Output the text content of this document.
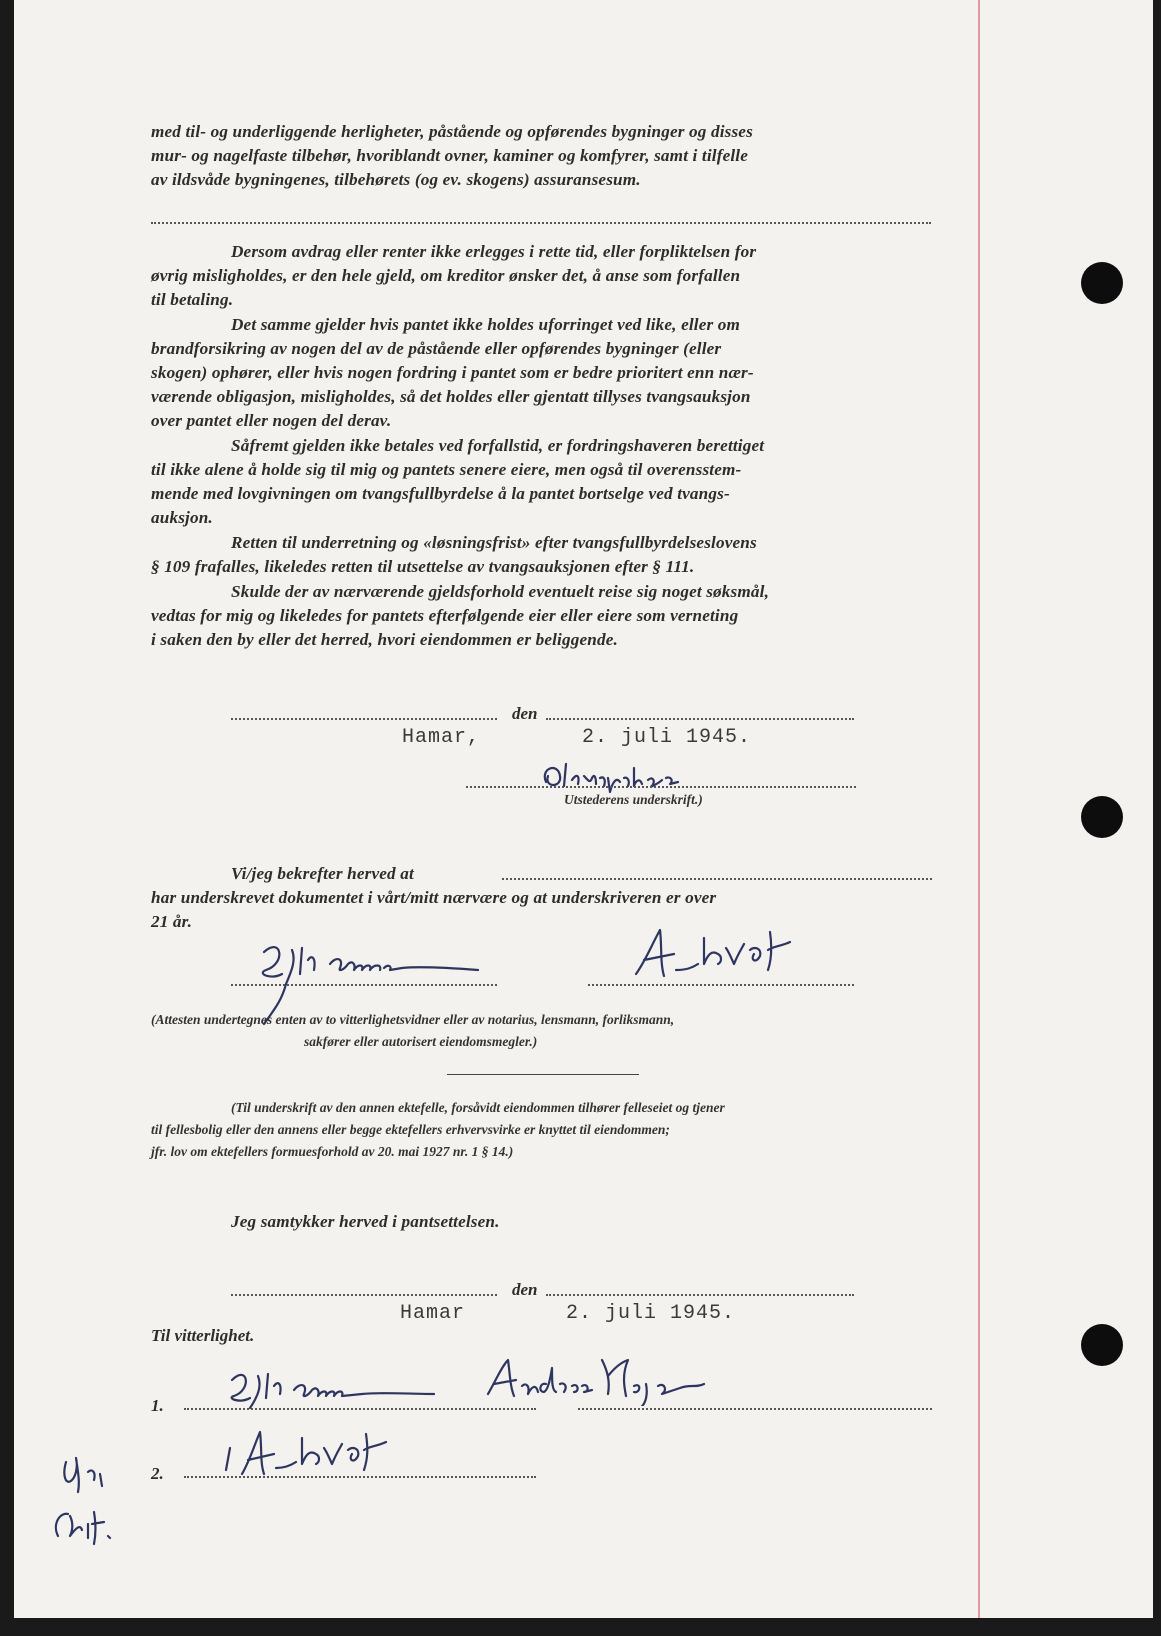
med til- og underliggende herligheter, påstående og opførendes bygninger og disses
mur- og nagelfaste tilbehør, hvoriblandt ovner, kaminer og komfyrer, samt i tilfelle
av ildsvåde bygningenes, tilbehørets (og ev. skogens) assuransesum.
Dersom avdrag eller renter ikke erlegges i rette tid, eller forpliktelsen for
øvrig misligholdes, er den hele gjeld, om kreditor ønsker det, å anse som forfallen
til betaling.
Det samme gjelder hvis pantet ikke holdes uforringet ved like, eller om
brandforsikring av nogen del av de påstående eller opførendes bygninger (eller
skogen) ophører, eller hvis nogen fordring i pantet som er bedre prioritert enn nær-
værende obligasjon, misligholdes, så det holdes eller gjentatt tillyses tvangsauksjon
over pantet eller nogen del derav.
Såfremt gjelden ikke betales ved forfallstid, er fordringshaveren berettiget
til ikke alene å holde sig til mig og pantets senere eiere, men også til overensstem-
mende med lovgivningen om tvangsfullbyrdelse å la pantet bortselge ved tvangs-
auksjon.
Retten til underretning og «løsningsfrist» efter tvangsfullbyrdelseslovens
§ 109 frafalles, likeledes retten til utsettelse av tvangsauksjonen efter § 111.
Skulde der av nærværende gjeldsforhold eventuelt reise sig noget søksmål,
vedtas for mig og likeledes for pantets efterfølgende eier eller eiere som verneting
i saken den by eller det herred, hvori eiendommen er beliggende.
den
Hamar,	2. juli 1945.
Utstederens underskrift.)
Vi/jeg bekrefter herved at
har underskrevet dokumentet i vårt/mitt nærvære og at underskriveren er over
21 år.
(Attesten undertegnes enten av to vitterlighetsvidner eller av notarius, lensmann, forliksmann,
sakfører eller autorisert eiendomsmegler.)
(Til underskrift av den annen ektefelle, forsåvidt eiendommen tilhører felleseiet og tjener
til fellesbolig eller den annens eller begge ektefellers erhvervsvirke er knyttet til eiendommen;
jfr. lov om ektefellers formuesforhold av 20. mai 1927 nr. 1 § 14.)
Jeg samtykker herved i pantsettelsen.
den
Hamar	2. juli 1945.
Til vitterlighet.
1.
2.
